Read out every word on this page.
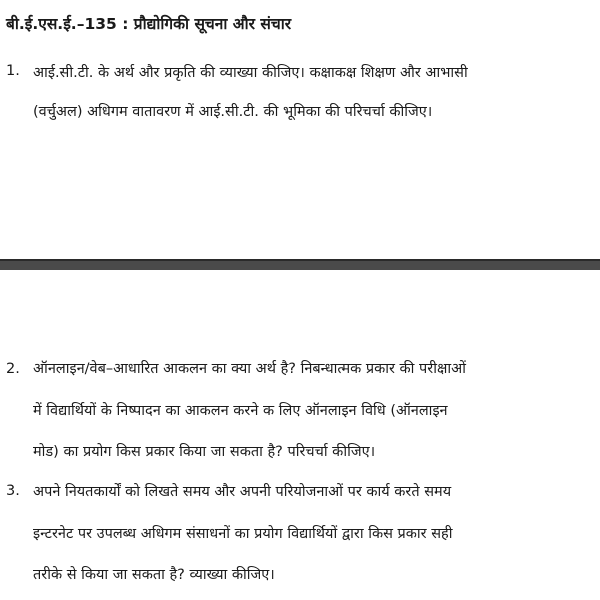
बी.ई.एस.ई.–135 : प्रौद्योगिकी सूचना और संचार
1. आई.सी.टी. के अर्थ और प्रकृति की व्याख्या कीजिए। कक्षाकक्ष शिक्षण और आभासी
(वर्चुअल) अधिगम वातावरण में आई.सी.टी. की भूमिका की परिचर्चा कीजिए।
2. ऑनलाइन/वेब–आधारित आकलन का क्या अर्थ है? निबन्धात्मक प्रकार की परीक्षाओं
में विद्यार्थियों के निष्पादन का आकलन करने क लिए ऑनलाइन विधि (ऑनलाइन
मोड) का प्रयोग किस प्रकार किया जा सकता है? परिचर्चा कीजिए।
3. अपने नियतकार्यों को लिखते समय और अपनी परियोजनाओं पर कार्य करते समय
इन्टरनेट पर उपलब्ध अधिगम संसाधनों का प्रयोग विद्यार्थियों द्वारा किस प्रकार सही
तरीके से किया जा सकता है? व्याख्या कीजिए।
